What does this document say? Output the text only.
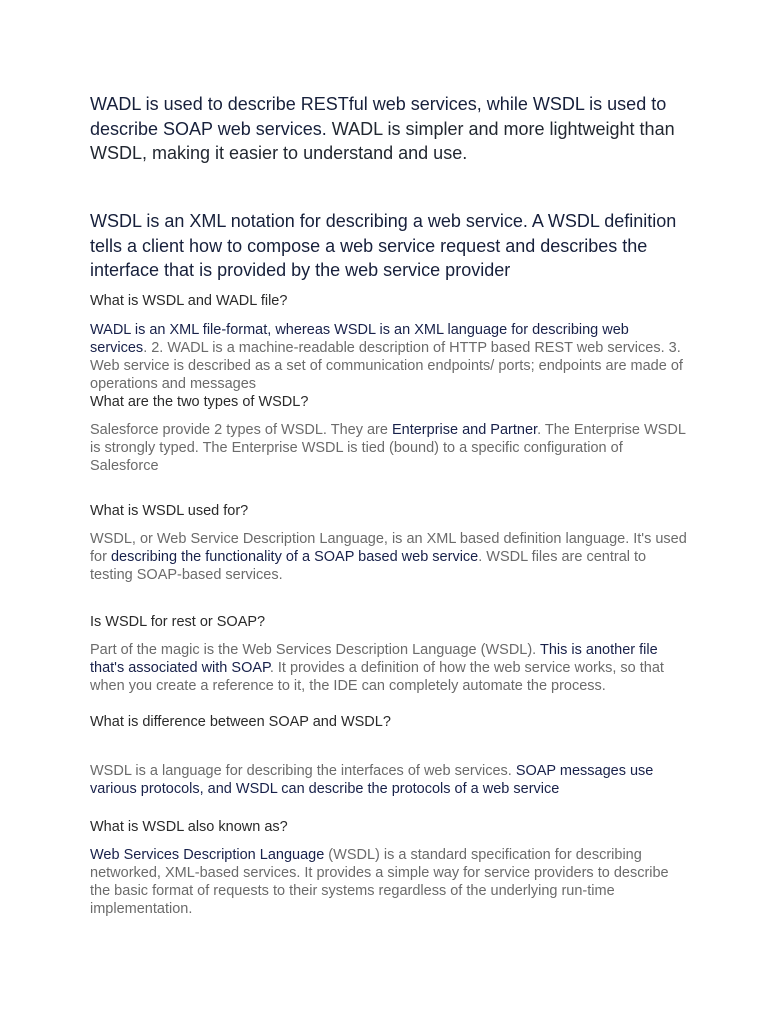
WADL is used to describe RESTful web services, while WSDL is used to describe SOAP web services. WADL is simpler and more lightweight than WSDL, making it easier to understand and use.

WSDL is an XML notation for describing a web service. A WSDL definition tells a client how to compose a web service request and describes the interface that is provided by the web service provider

What is WSDL and WADL file?

WADL is an XML file-format, whereas WSDL is an XML language for describing web services. 2. WADL is a machine-readable description of HTTP based REST web services. 3. Web service is described as a set of communication endpoints/ ports; endpoints are made of operations and messages

What are the two types of WSDL?

Salesforce provide 2 types of WSDL. They are Enterprise and Partner. The Enterprise WSDL is strongly typed. The Enterprise WSDL is tied (bound) to a specific configuration of Salesforce

What is WSDL used for?

WSDL, or Web Service Description Language, is an XML based definition language. It's used for describing the functionality of a SOAP based web service. WSDL files are central to testing SOAP-based services.

Is WSDL for rest or SOAP?

Part of the magic is the Web Services Description Language (WSDL). This is another file that's associated with SOAP. It provides a definition of how the web service works, so that when you create a reference to it, the IDE can completely automate the process.

What is difference between SOAP and WSDL?

WSDL is a language for describing the interfaces of web services. SOAP messages use various protocols, and WSDL can describe the protocols of a web service

What is WSDL also known as?

Web Services Description Language (WSDL) is a standard specification for describing networked, XML-based services. It provides a simple way for service providers to describe the basic format of requests to their systems regardless of the underlying run-time implementation.
